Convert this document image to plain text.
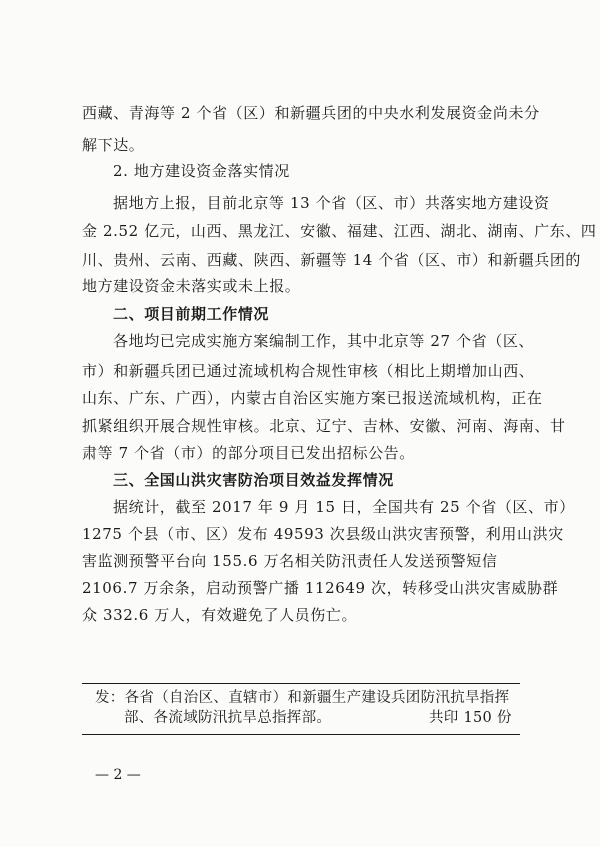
西藏、青海等 2 个省（区）和新疆兵团的中央水利发展资金尚未分
解下达。
2. 地方建设资金落实情况
据地方上报，目前北京等 13 个省（区、市）共落实地方建设资
金 2.52 亿元，山西、黑龙江、安徽、福建、江西、湖北、湖南、广东、四
川、贵州、云南、西藏、陕西、新疆等 14 个省（区、市）和新疆兵团的
地方建设资金未落实或未上报。
二、项目前期工作情况
各地均已完成实施方案编制工作，其中北京等 27 个省（区、
市）和新疆兵团已通过流域机构合规性审核（相比上期增加山西、
山东、广东、广西），内蒙古自治区实施方案已报送流域机构，正在
抓紧组织开展合规性审核。北京、辽宁、吉林、安徽、河南、海南、甘
肃等 7 个省（市）的部分项目已发出招标公告。
三、全国山洪灾害防治项目效益发挥情况
据统计，截至 2017 年 9 月 15 日，全国共有 25 个省（区、市）
1275 个县（市、区）发布 49593 次县级山洪灾害预警，利用山洪灾
害监测预警平台向 155.6 万名相关防汛责任人发送预警短信
2106.7 万余条，启动预警广播 112649 次，转移受山洪灾害威胁群
众 332.6 万人，有效避免了人员伤亡。
发：各省（自治区、直辖市）和新疆生产建设兵团防汛抗旱指挥
部、各流域防汛抗旱总指挥部。	共印 150 份
— 2 —
